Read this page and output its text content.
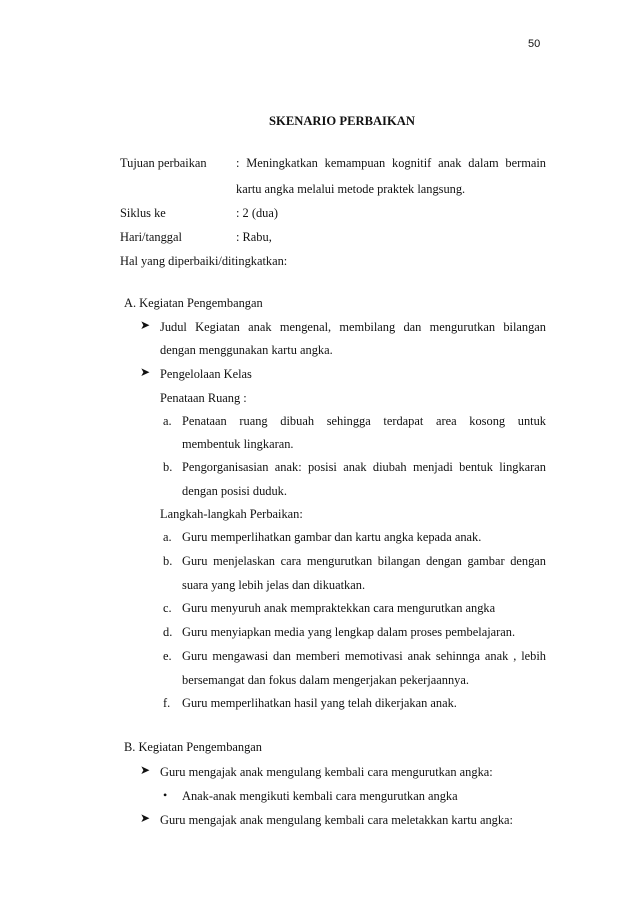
50
SKENARIO PERBAIKAN
Tujuan perbaikan : Meningkatkan kemampuan kognitif anak dalam bermain
kartu angka melalui metode praktek langsung.
Siklus ke	: 2 (dua)
Hari/tanggal	: Rabu,
Hal yang diperbaiki/ditingkatkan:
A. Kegiatan Pengembangan
➤ Judul Kegiatan anak mengenal, membilang dan mengurutkan bilangan
dengan menggunakan kartu angka.
➤ Pengelolaan Kelas
Penataan Ruang :
a. Penataan ruang dibuah sehingga terdapat area kosong untuk
membentuk lingkaran.
b. Pengorganisasian anak: posisi anak diubah menjadi bentuk lingkaran
dengan posisi duduk.
Langkah-langkah Perbaikan:
a. Guru memperlihatkan gambar dan kartu angka kepada anak.
b. Guru menjelaskan cara mengurutkan bilangan dengan gambar dengan
suara yang lebih jelas dan dikuatkan.
c. Guru menyuruh anak mempraktekkan cara mengurutkan angka
d. Guru menyiapkan media yang lengkap dalam proses pembelajaran.
e. Guru mengawasi dan memberi memotivasi anak sehinnga anak , lebih
bersemangat dan fokus dalam mengerjakan pekerjaannya.
f. Guru memperlihatkan hasil yang telah dikerjakan anak.
B. Kegiatan Pengembangan
➤ Guru mengajak anak mengulang kembali cara mengurutkan angka:
• Anak-anak mengikuti kembali cara mengurutkan angka
➤ Guru mengajak anak mengulang kembali cara meletakkan kartu angka:
